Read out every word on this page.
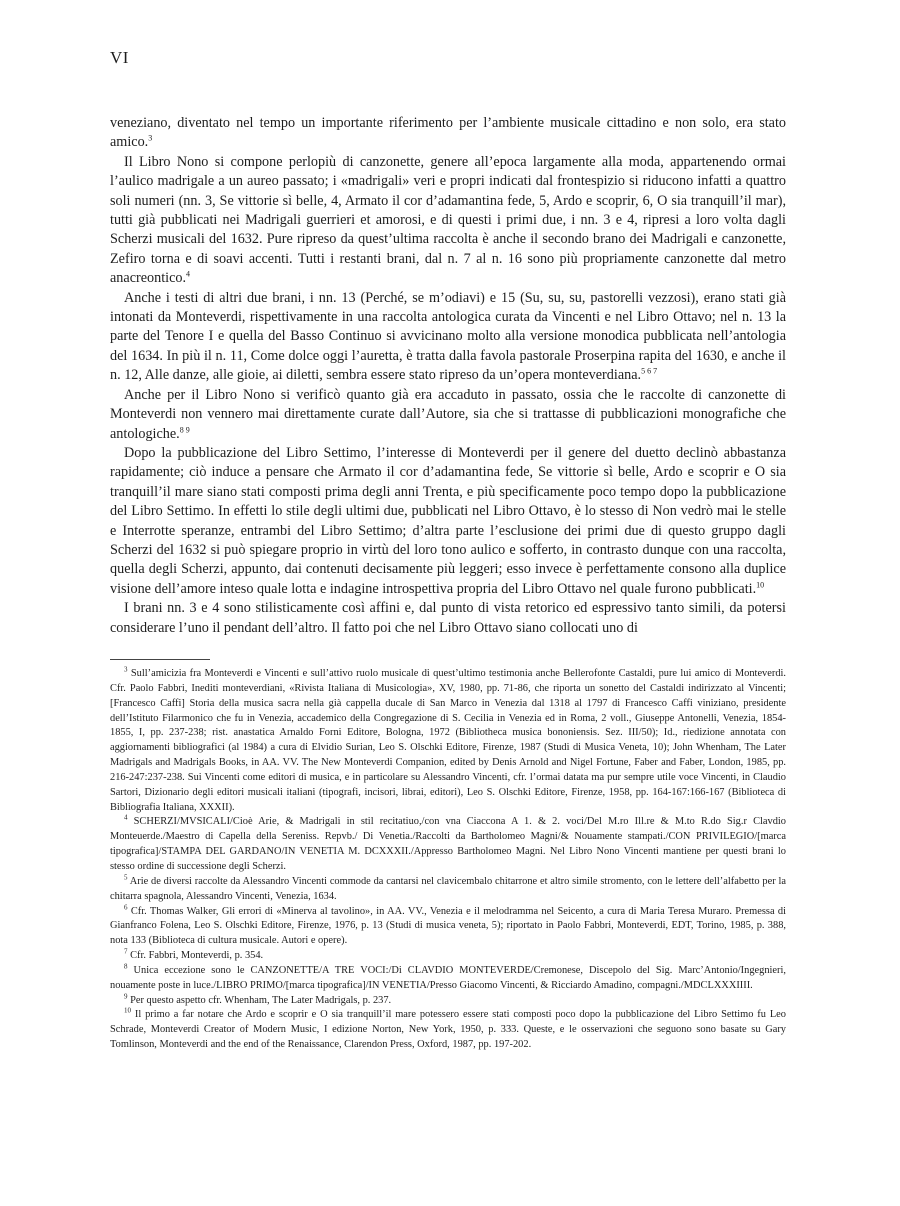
VI

veneziano, diventato nel tempo un importante riferimento per l’ambiente musicale cittadino e non solo, era stato amico.$^3$

Il Libro Nono si compone perlopiù di canzonette, genere all’epoca largamente alla moda, appartenendo ormai l’aulico madrigale a un aureo passato; i «madrigali» veri e propri indicati dal frontespizio si riducono infatti a quattro soli numeri (nn. 3, Se vittorie sì belle, 4, Armato il cor d’adamantina fede, 5, Ardo e scoprir, 6, O sia tranquill’il mar), tutti già pubblicati nei Madrigali guerrieri et amorosi, e di questi i primi due, i nn. 3 e 4, ripresi a loro volta dagli Scherzi musicali del 1632. Pure ripreso da quest’ultima raccolta è anche il secondo brano dei Madrigali e canzonette, Zefiro torna e di soavi accenti. Tutti i restanti brani, dal n. 7 al n. 16 sono più propriamente canzonette dal metro anacreontico.$^4$

Anche i testi di altri due brani, i nn. 13 (Perché, se m’odiavi) e 15 (Su, su, su, pastorelli vezzosi), erano stati già intonati da Monteverdi, rispettivamente in una raccolta antologica curata da Vincenti e nel Libro Ottavo; nel n. 13 la parte del Tenore I e quella del Basso Continuo si avvicinano molto alla versione monodica pubblicata nell’antologia del 1634. In più il n. 11, Come dolce oggi l’auretta, è tratta dalla favola pastorale Proserpina rapita del 1630, e anche il n. 12, Alle danze, alle gioie, ai diletti, sembra essere stato ripreso da un’opera monteverdiana.$^{5 6 7}$

Anche per il Libro Nono si verificò quanto già era accaduto in passato, ossia che le raccolte di canzonette di Monteverdi non vennero mai direttamente curate dall’Autore, sia che si trattasse di pubblicazioni monografiche che antologiche.$^{8 9}$

Dopo la pubblicazione del Libro Settimo, l’interesse di Monteverdi per il genere del duetto declinò abbastanza rapidamente; ciò induce a pensare che Armato il cor d’adamantina fede, Se vittorie sì belle, Ardo e scoprir e O sia tranquill’il mare siano stati composti prima degli anni Trenta, e più specificamente poco tempo dopo la pubblicazione del Libro Settimo. In effetti lo stile degli ultimi due, pubblicati nel Libro Ottavo, è lo stesso di Non vedrò mai le stelle e Interrotte speranze, entrambi del Libro Settimo; d’altra parte l’esclusione dei primi due di questo gruppo dagli Scherzi del 1632 si può spiegare proprio in virtù del loro tono aulico e sofferto, in contrasto dunque con una raccolta, quella degli Scherzi, appunto, dai contenuti decisamente più leggeri; esso invece è perfettamente consono alla duplice visione dell’amore inteso quale lotta e indagine introspettiva propria del Libro Ottavo nel quale furono pubblicati.$^{10}$

I brani nn. 3 e 4 sono stilisticamente così affini e, dal punto di vista retorico ed espressivo tanto simili, da potersi considerare l’uno il pendant dell’altro. Il fatto poi che nel Libro Ottavo siano collocati uno di

$^3$ Sull’amicizia fra Monteverdi e Vincenti e sull’attivo ruolo musicale di quest’ultimo testimonia anche Bellerofonte Castaldi, pure lui amico di Monteverdi. Cfr. Paolo Fabbri, Inediti monteverdiani, «Rivista Italiana di Musicologia», XV, 1980, pp. 71-86, che riporta un sonetto del Castaldi indirizzato al Vincenti; [Francesco Caffi] Storia della musica sacra nella già cappella ducale di San Marco in Venezia dal 1318 al 1797 di Francesco Caffi viniziano, presidente dell’Istituto Filarmonico che fu in Venezia, accademico della Congregazione di S. Cecilia in Venezia ed in Roma, 2 voll., Giuseppe Antonelli, Venezia, 1854-1855, I, pp. 237-238; rist. anastatica Arnaldo Forni Editore, Bologna, 1972 (Bibliotheca musica bononiensis. Sez. III/50); Id., riedizione annotata con aggiornamenti bibliografici (al 1984) a cura di Elvidio Surian, Leo S. Olschki Editore, Firenze, 1987 (Studi di Musica Veneta, 10); John Whenham, The Later Madrigals and Madrigals Books, in AA. VV. The New Monteverdi Companion, edited by Denis Arnold and Nigel Fortune, Faber and Faber, London, 1985, pp. 216-247:237-238. Sui Vincenti come editori di musica, e in particolare su Alessandro Vincenti, cfr. l’ormai datata ma pur sempre utile voce Vincenti, in Claudio Sartori, Dizionario degli editori musicali italiani (tipografi, incisori, librai, editori), Leo S. Olschki Editore, Firenze, 1958, pp. 164-167:166-167 (Biblioteca di Bibliografia Italiana, XXXII).

$^4$ SCHERZI/MVSICALI/Cioè Arie, & Madrigali in stil recitatiuo,/con vna Ciaccona A 1. & 2. voci/Del M.ro Ill.re & M.to R.do Sig.r Clavdio Monteuerde./Maestro di Capella della Sereniss. Repvb./ Di Venetia./Raccolti da Bartholomeo Magni/& Nouamente stampati./CON PRIVILEGIO/[marca tipografica]/STAMPA DEL GARDANO/IN VENETIA M. DCXXXII./Appresso Bartholomeo Magni. Nel Libro Nono Vincenti mantiene per questi brani lo stesso ordine di successione degli Scherzi.

$^5$ Arie de diversi raccolte da Alessandro Vincenti commode da cantarsi nel clavicembalo chitarrone et altro simile stromento, con le lettere dell’alfabetto per la chitarra spagnola, Alessandro Vincenti, Venezia, 1634.

$^6$ Cfr. Thomas Walker, Gli errori di «Minerva al tavolino», in AA. VV., Venezia e il melodramma nel Seicento, a cura di Maria Teresa Muraro. Premessa di Gianfranco Folena, Leo S. Olschki Editore, Firenze, 1976, p. 13 (Studi di musica veneta, 5); riportato in Paolo Fabbri, Monteverdi, EDT, Torino, 1985, p. 388, nota 133 (Biblioteca di cultura musicale. Autori e opere).

$^7$ Cfr. Fabbri, Monteverdi, p. 354.

$^8$ Unica eccezione sono le CANZONETTE/A TRE VOCI:/Di CLAVDIO MONTEVERDE/Cremonese, Discepolo del Sig. Marc’Antonio/Ingegnieri, nouamente poste in luce./LIBRO PRIMO/[marca tipografica]/IN VENETIA/Presso Giacomo Vincenti, & Ricciardo Amadino, compagni./MDCLXXXIIII.

$^9$ Per questo aspetto cfr. Whenham, The Later Madrigals, p. 237.

$^{10}$ Il primo a far notare che Ardo e scoprir e O sia tranquill’il mare potessero essere stati composti poco dopo la pubblicazione del Libro Settimo fu Leo Schrade, Monteverdi Creator of Modern Music, I edizione Norton, New York, 1950, p. 333. Queste, e le osservazioni che seguono sono basate su Gary Tomlinson, Monteverdi and the end of the Renaissance, Clarendon Press, Oxford, 1987, pp. 197-202.
